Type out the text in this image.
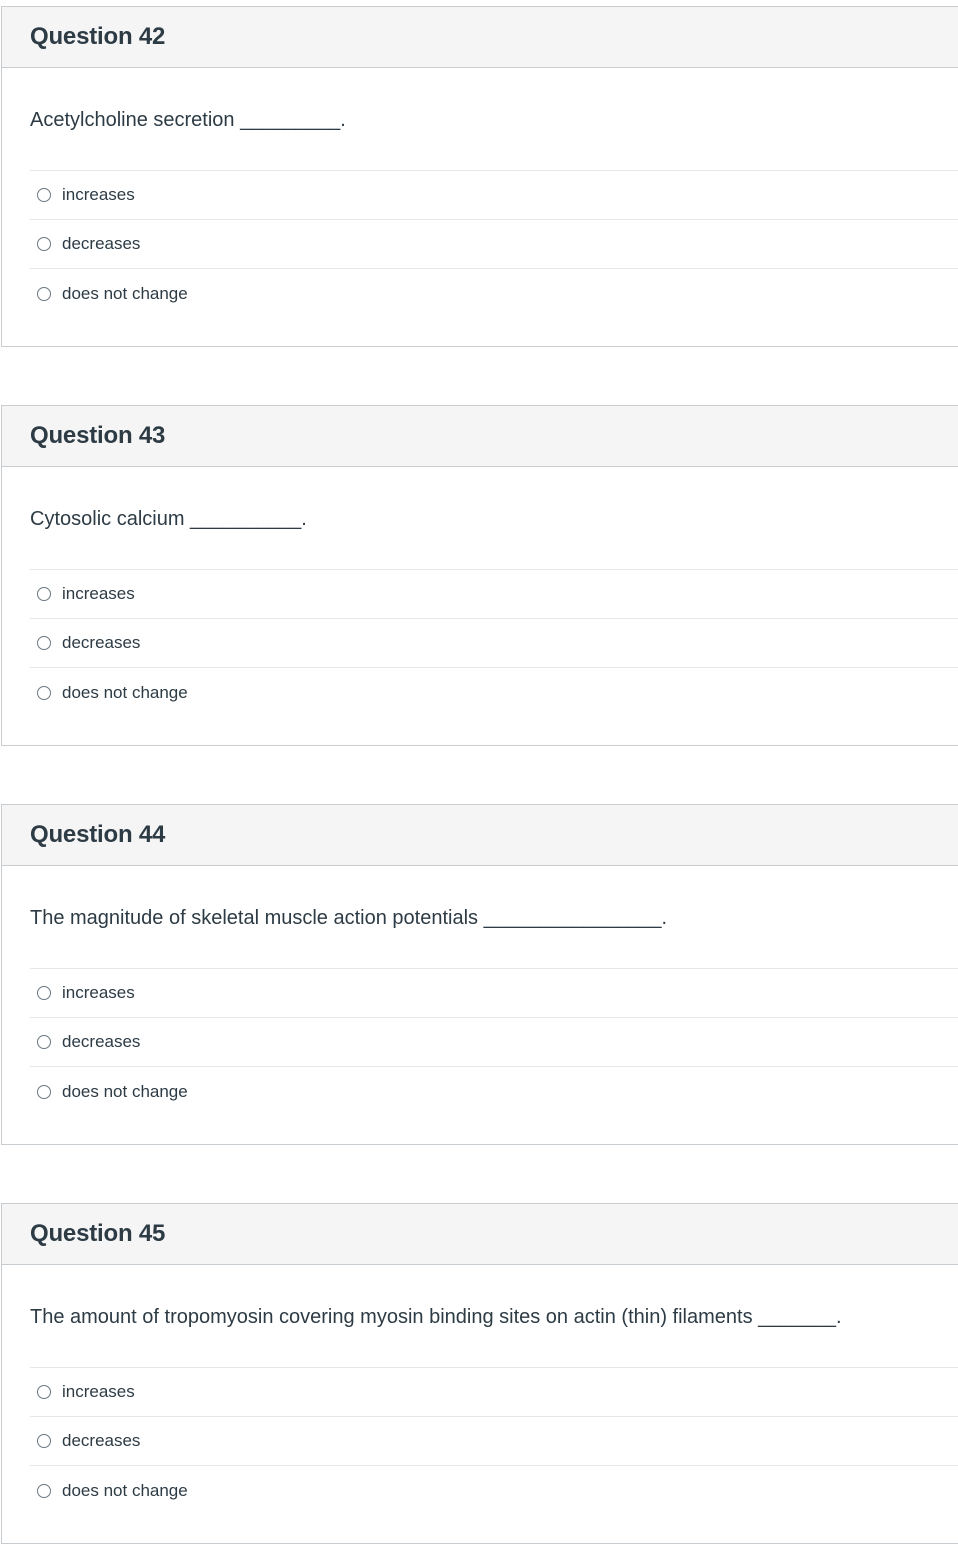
Question 42
Acetylcholine secretion _________.
increases
decreases
does not change
Question 43
Cytosolic calcium __________.
increases
decreases
does not change
Question 44
The magnitude of skeletal muscle action potentials ________________.
increases
decreases
does not change
Question 45
The amount of tropomyosin covering myosin binding sites on actin (thin) filaments _______.
increases
decreases
does not change
